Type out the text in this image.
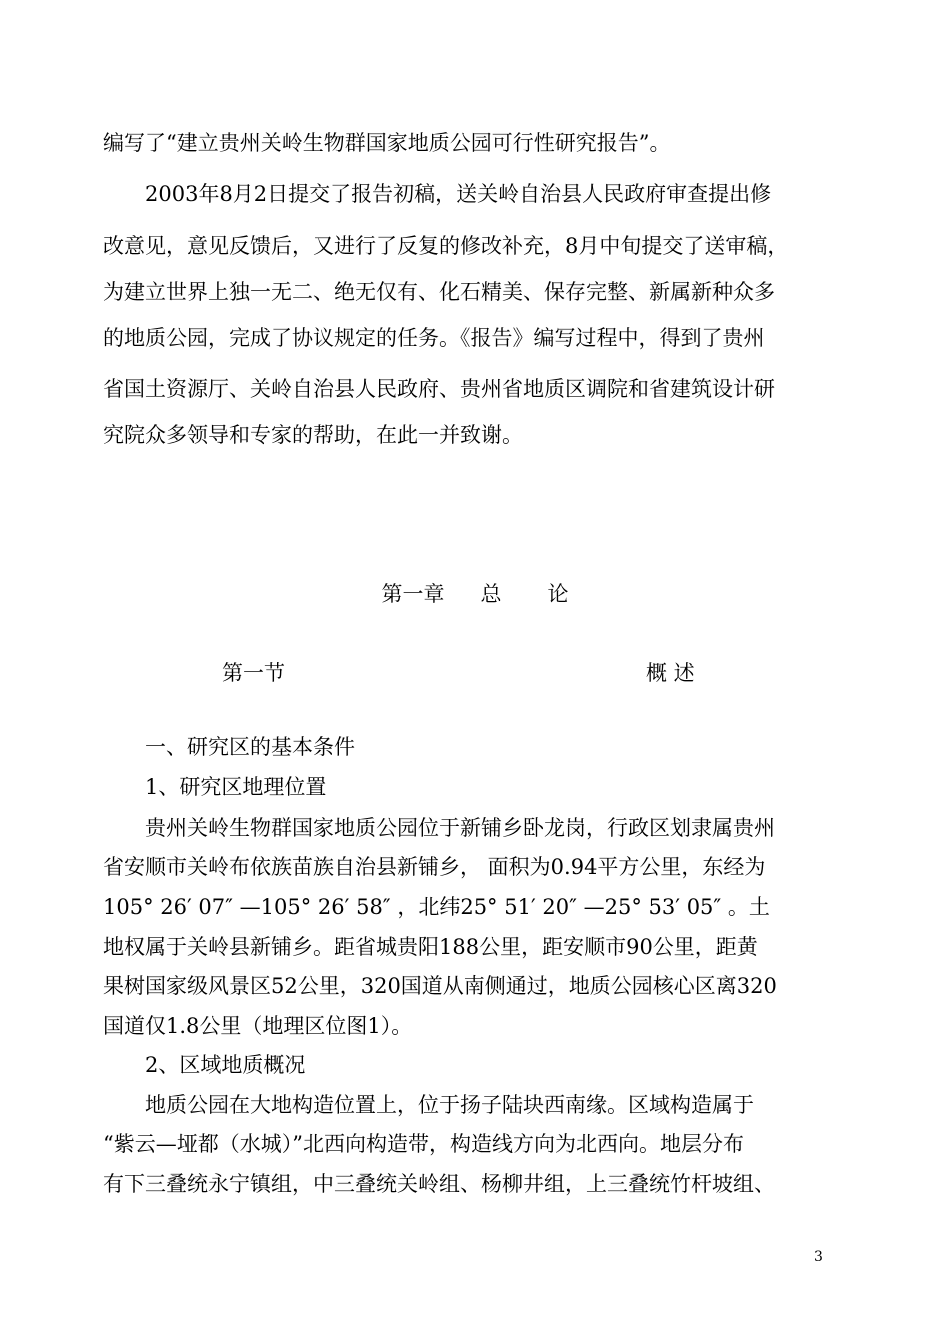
编写了“建立贵州关岭生物群国家地质公园可行性研究报告”。
2003年8月2日提交了报告初稿，送关岭自治县人民政府审查提出修
改意见，意见反馈后，又进行了反复的修改补充，8月中旬提交了送审稿，
为建立世界上独一无二、绝无仅有、化石精美、保存完整、新属新种众多
的地质公园，完成了协议规定的任务。《报告》编写过程中，得到了贵州
省国土资源厅、关岭自治县人民政府、贵州省地质区调院和省建筑设计研
究院众多领导和专家的帮助，在此一并致谢。
第一章 总 论
第一节	概 述
一、研究区的基本条件
1、研究区地理位置
贵州关岭生物群国家地质公园位于新铺乡卧龙岗，行政区划隶属贵州
省安顺市关岭布依族苗族自治县新铺乡， 面积为0.94平方公里，东经为
105° 26′ 07″ —105° 26′ 58″ ，北纬25° 51′ 20″ —25° 53′ 05″ 。土
地权属于关岭县新铺乡。距省城贵阳188公里，距安顺市90公里，距黄
果树国家级风景区52公里，320国道从南侧通过，地质公园核心区离320
国道仅1.8公里（地理区位图1）。
2、区域地质概况
地质公园在大地构造位置上，位于扬子陆块西南缘。区域构造属于
“紫云—垭都（水城）”北西向构造带，构造线方向为北西向。地层分布
有下三叠统永宁镇组，中三叠统关岭组、杨柳井组，上三叠统竹杆坡组、
3
